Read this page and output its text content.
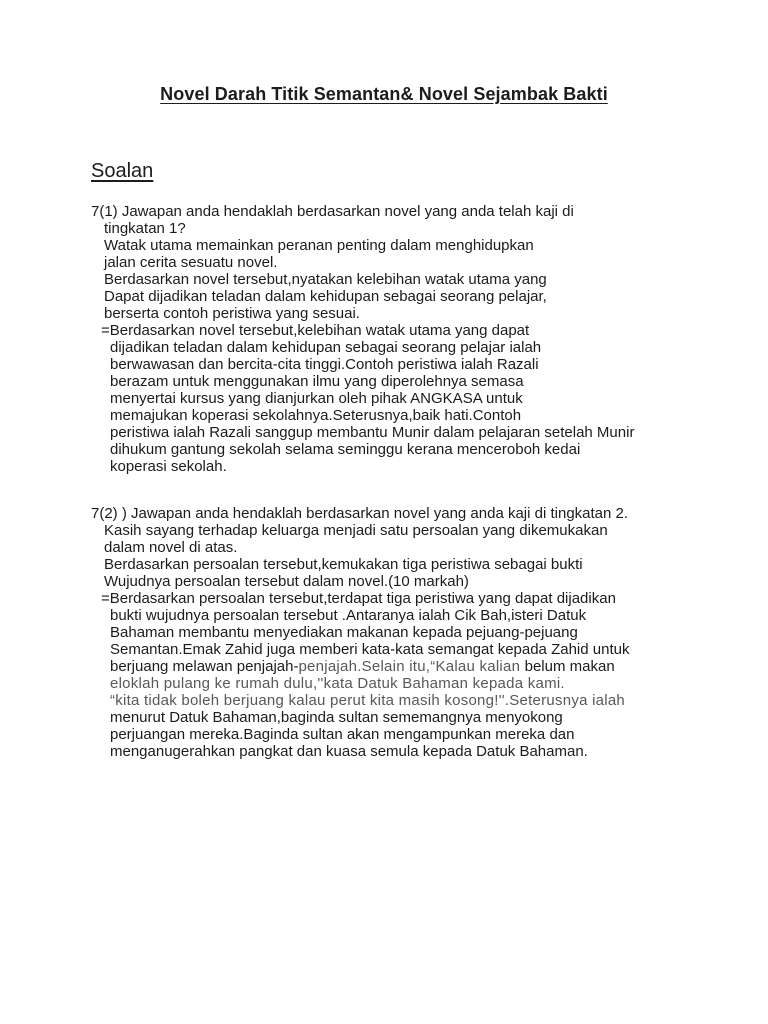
Novel Darah Titik Semantan& Novel Sejambak Bakti
Soalan
7(1) Jawapan anda hendaklah berdasarkan novel yang anda telah kaji di
tingkatan 1?
Watak utama memainkan peranan penting dalam menghidupkan
jalan cerita sesuatu novel.
Berdasarkan novel tersebut,nyatakan kelebihan watak utama yang
Dapat dijadikan teladan dalam kehidupan sebagai seorang pelajar,
berserta contoh peristiwa yang sesuai.
=Berdasarkan novel tersebut,kelebihan watak utama yang dapat
dijadikan teladan dalam kehidupan sebagai seorang pelajar ialah
berwawasan dan bercita-cita tinggi.Contoh peristiwa ialah Razali
berazam untuk menggunakan ilmu yang diperolehnya semasa
menyertai kursus yang dianjurkan oleh pihak ANGKASA untuk
memajukan koperasi sekolahnya.Seterusnya,baik hati.Contoh
peristiwa ialah Razali sanggup membantu Munir dalam pelajaran setelah Munir
dihukum gantung sekolah selama seminggu kerana menceroboh kedai
koperasi sekolah.
7(2) ) Jawapan anda hendaklah berdasarkan novel yang anda kaji di tingkatan 2.
Kasih sayang terhadap keluarga menjadi satu persoalan yang dikemukakan
dalam novel di atas.
Berdasarkan persoalan tersebut,kemukakan tiga peristiwa sebagai bukti
Wujudnya persoalan tersebut dalam novel.(10 markah)
=Berdasarkan persoalan tersebut,terdapat tiga peristiwa yang dapat dijadikan
bukti wujudnya persoalan tersebut .Antaranya ialah Cik Bah,isteri Datuk
Bahaman membantu menyediakan makanan kepada pejuang-pejuang
Semantan.Emak Zahid juga memberi kata-kata semangat kepada Zahid untuk
berjuang melawan penjajah-penjajah.Selain itu,“Kalau kalian belum makan
eloklah pulang ke rumah dulu,''kata Datuk Bahaman kepada kami.
“kita tidak boleh berjuang kalau perut kita masih kosong!''.Seterusnya ialah
menurut Datuk Bahaman,baginda sultan sememangnya menyokong
perjuangan mereka.Baginda sultan akan mengampunkan mereka dan
menganugerahkan pangkat dan kuasa semula kepada Datuk Bahaman.
